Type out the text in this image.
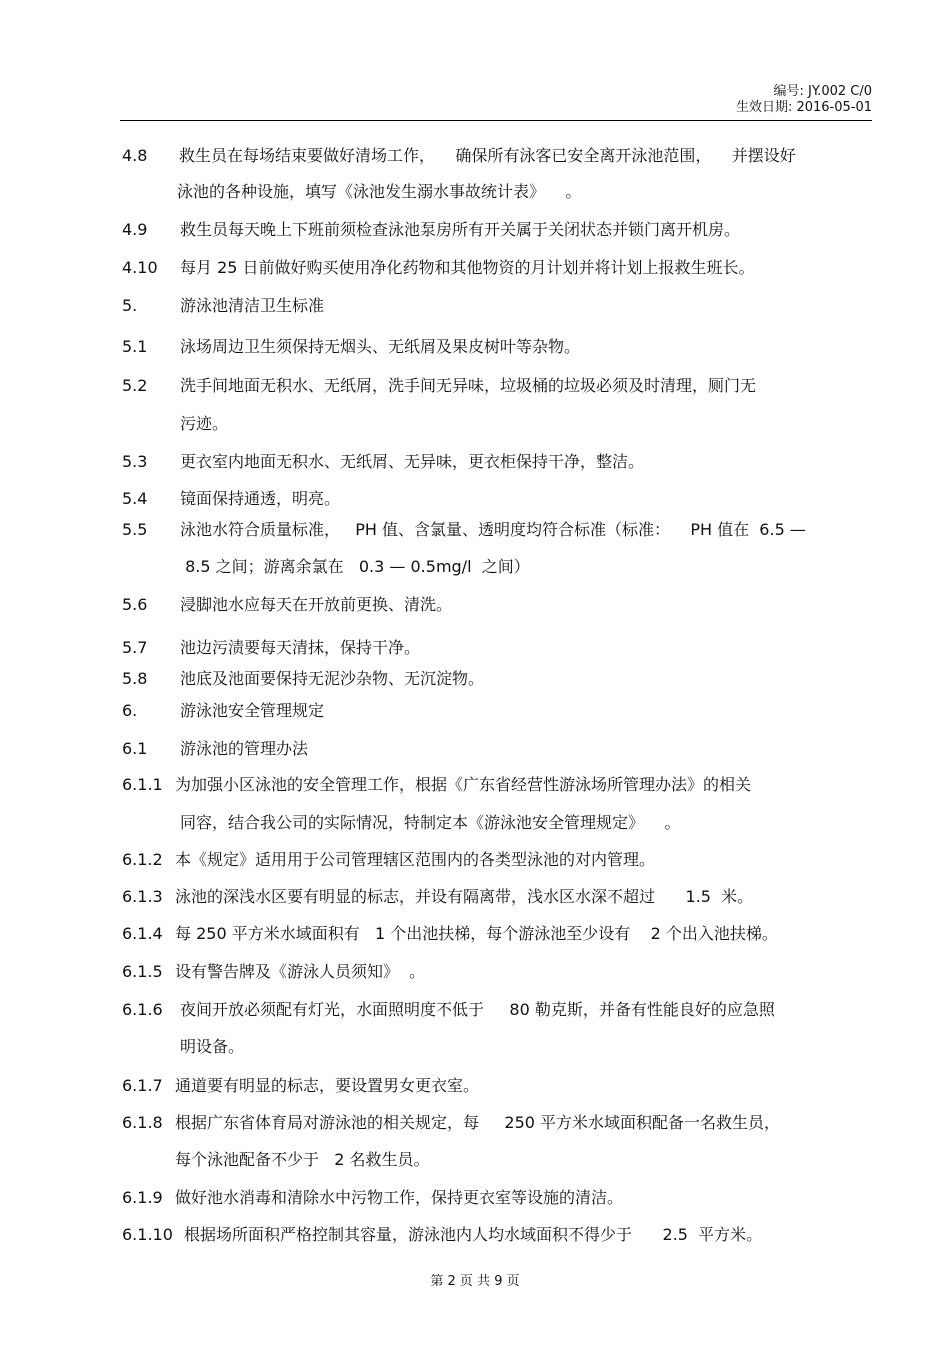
编号: JY.002 C/0
生效日期: 2016-05-01
4.8 救生员在每场结束要做好清场工作，    确保所有泳客已安全离开泳池范围，    并摆设好
泳池的各种设施，填写《泳池发生溺水事故统计表》    。
4.9 救生员每天晚上下班前须检查泳池泵房所有开关属于关闭状态并锁门离开机房。
4.10 每月 25 日前做好购买使用净化药物和其他物资的月计划并将计划上报救生班长。
5.	游泳池清洁卫生标准
5.1 泳场周边卫生须保持无烟头、无纸屑及果皮树叶等杂物。
5.2 洗手间地面无积水、无纸屑，洗手间无异味，垃圾桶的垃圾必须及时清理，厕门无
污迹。
5.3 更衣室内地面无积水、无纸屑、无异味，更衣柜保持干净，整洁。
5.4 镜面保持通透，明亮。
5.5 泳池水符合质量标准，   PH 值、含氯量、透明度均符合标准（标准：    PH 值在  6.5 —
8.5 之间；游离余氯在   0.3 — 0.5mg/l  之间）
5.6 浸脚池水应每天在开放前更换、清洗。
5.7 池边污渍要每天清抹，保持干净。
5.8 池底及池面要保持无泥沙杂物、无沉淀物。
6.	游泳池安全管理规定
6.1 游泳池的管理办法
6.1.1 为加强小区泳池的安全管理工作，根据《广东省经营性游泳场所管理办法》的相关
同容，结合我公司的实际情况，特制定本《游泳池安全管理规定》    。
6.1.2 本《规定》适用用于公司管理辖区范围内的各类型泳池的对内管理。
6.1.3 泳池的深浅水区要有明显的标志，并设有隔离带，浅水区水深不超过      1.5  米。
6.1.4 每 250 平方米水域面积有   1 个出池扶梯，每个游泳池至少设有    2 个出入池扶梯。
6.1.5 设有警告牌及《游泳人员须知》  。
6.1.6 夜间开放必须配有灯光，水面照明度不低于     80 勒克斯，并备有性能良好的应急照
明设备。
6.1.7 通道要有明显的标志，要设置男女更衣室。
6.1.8 根据广东省体育局对游泳池的相关规定，每     250 平方米水域面积配备一名救生员，
每个泳池配备不少于   2 名救生员。
6.1.9 做好池水消毒和清除水中污物工作，保持更衣室等设施的清洁。
6.1.10 根据场所面积严格控制其容量，游泳池内人均水域面积不得少于      2.5  平方米。
第 2 页 共 9 页
